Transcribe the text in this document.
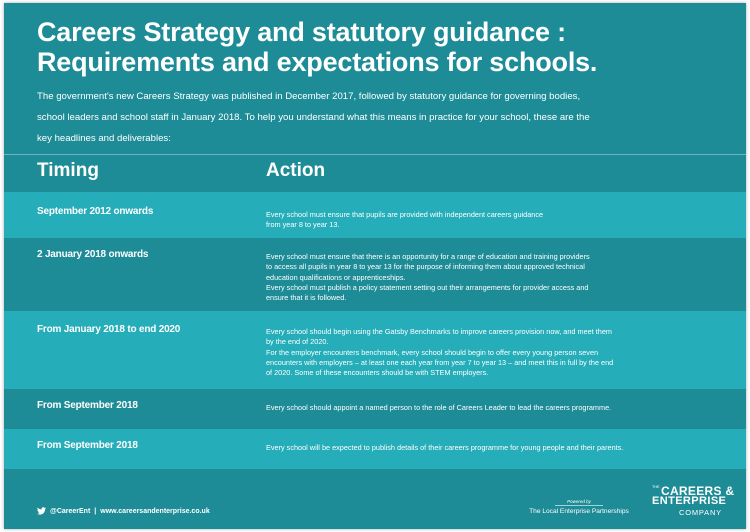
Careers Strategy and statutory guidance :
Requirements and expectations for schools.
The government's new Careers Strategy was published in December 2017, followed by statutory guidance for governing bodies,
school leaders and school staff in January 2018. To help you understand what this means in practice for your school, these are the
key headlines and deliverables:
Timing	Action
September 2012 onwards	Every school must ensure that pupils are provided with independent careers guidance

from year 8 to year 13.

2 January 2018 onwards	Every school must ensure that there is an opportunity for a range of education and training providers

to access all pupils in year 8 to year 13 for the purpose of informing them about approved technical

education qualifications or apprenticeships.

Every school must publish a policy statement setting out their arrangements for provider access and

ensure that it is followed.

From January 2018 to end 2020	Every school should begin using the Gatsby Benchmarks to improve careers provision now, and meet them

by the end of 2020.

For the employer encounters benchmark, every school should begin to offer every young person seven

encounters with employers – at least one each year from year 7 to year 13 – and meet this in full by the end

of 2020. Some of these encounters should be with STEM employers.

From September 2018	Every school should appoint a named person to the role of Careers Leader to lead the careers programme.

From September 2018	Every school will be expected to publish details of their careers programme for young people and their parents.

@CareerEnt | www.careersandenterprise.co.uk
Powered by
The Local Enterprise Partnerships
THE CAREERS &
ENTERPRISE
COMPANY
